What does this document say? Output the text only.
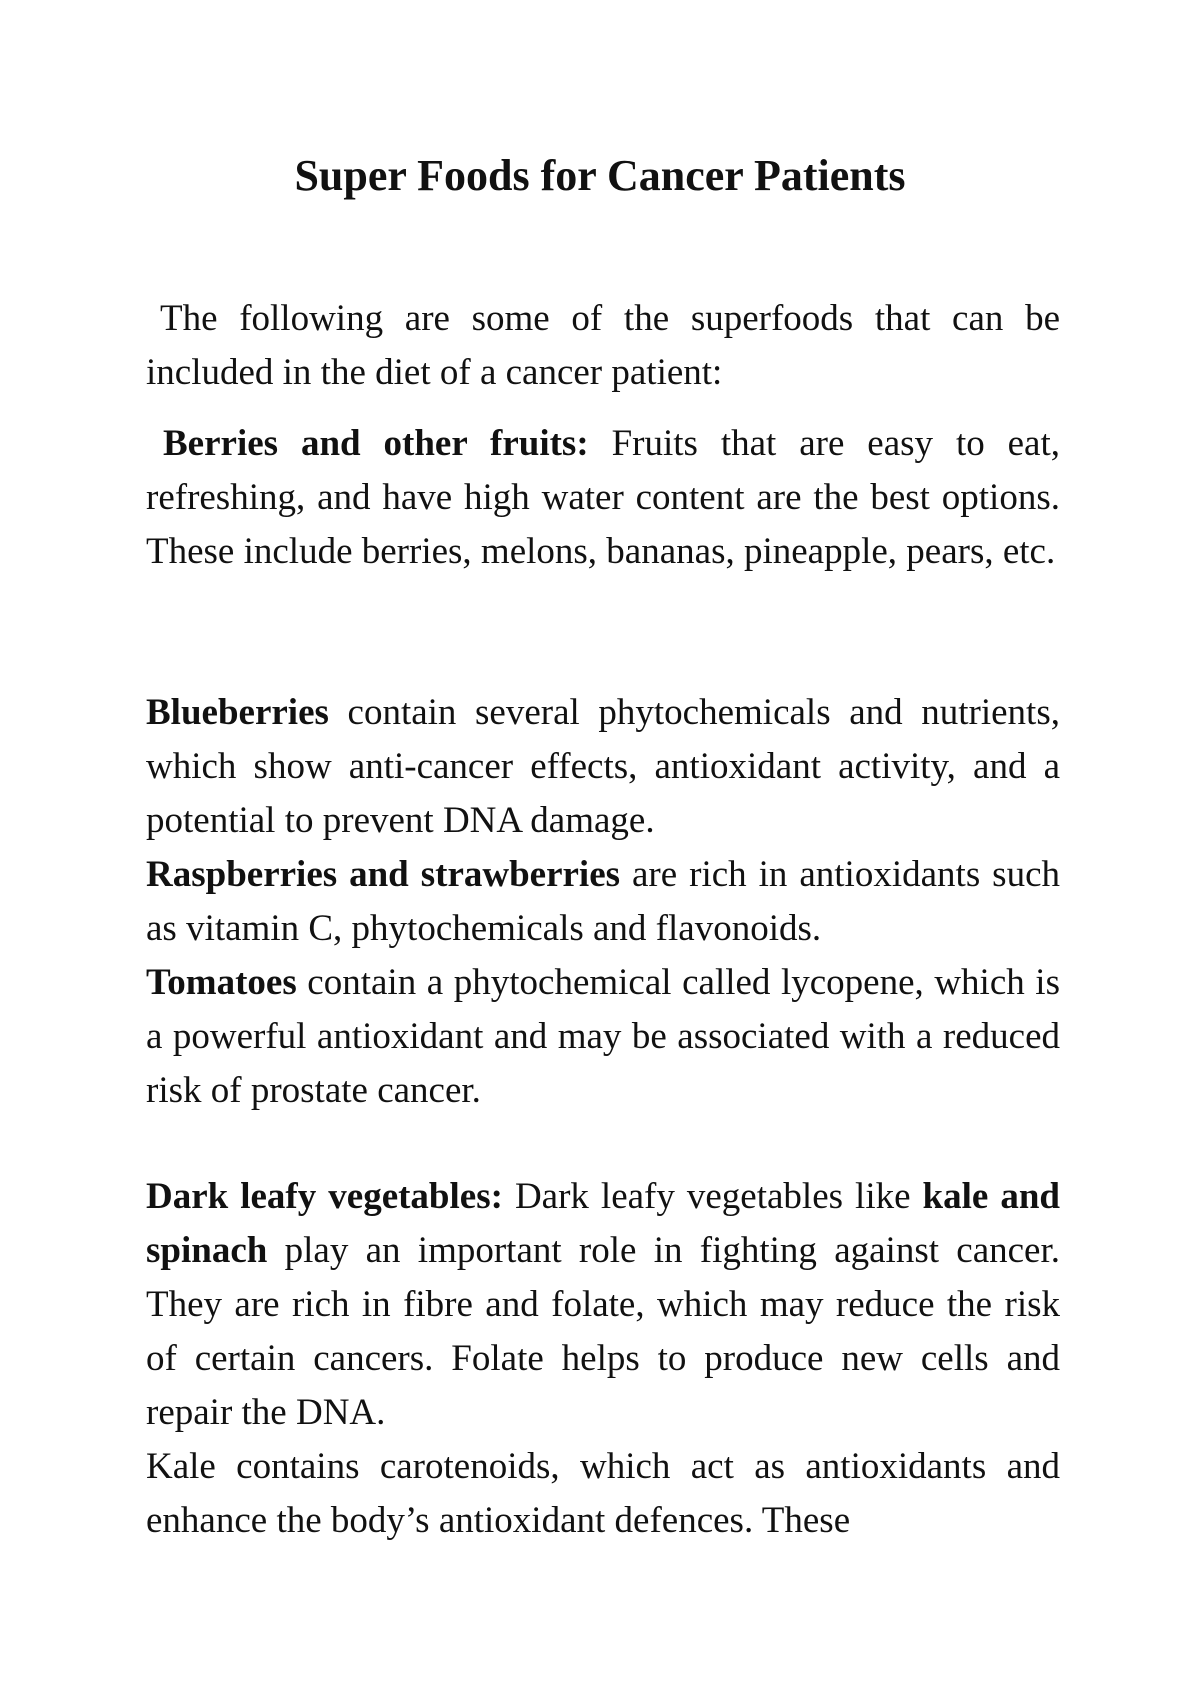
Super Foods for Cancer Patients

The following are some of the superfoods that can be included in the diet of a cancer patient:

Berries and other fruits: Fruits that are easy to eat, refreshing, and have high water content are the best options. These include berries, melons, bananas, pineapple, pears, etc.

Blueberries contain several phytochemicals and nutrients, which show anti-cancer effects, antioxidant activity, and a potential to prevent DNA damage.

Raspberries and strawberries are rich in antioxidants such as vitamin C, phytochemicals and flavonoids.

Tomatoes contain a phytochemical called lycopene, which is a powerful antioxidant and may be associated with a reduced risk of prostate cancer.

Dark leafy vegetables: Dark leafy vegetables like kale and spinach play an important role in fighting against cancer. They are rich in fibre and folate, which may reduce the risk of certain cancers. Folate helps to produce new cells and repair the DNA.

Kale contains carotenoids, which act as antioxidants and enhance the body’s antioxidant defences. These
